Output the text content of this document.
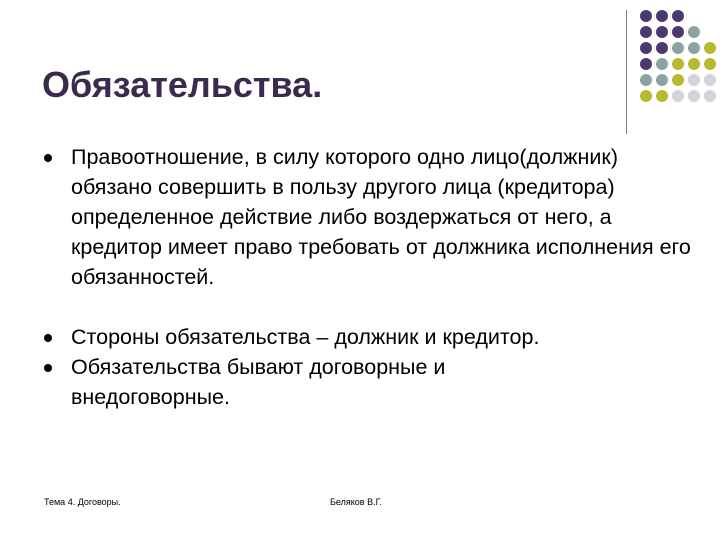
Обязательства.
Правоотношение, в силу которого одно лицо(должник) обязано совершить в пользу другого лица (кредитора) определенное действие либо воздержаться от него, а кредитор имеет право требовать от должника исполнения его обязанностей.
Стороны обязательства – должник и кредитор.
Обязательства бывают договорные и внедоговорные.
Тема 4. Договоры.	Беляков В.Г.
